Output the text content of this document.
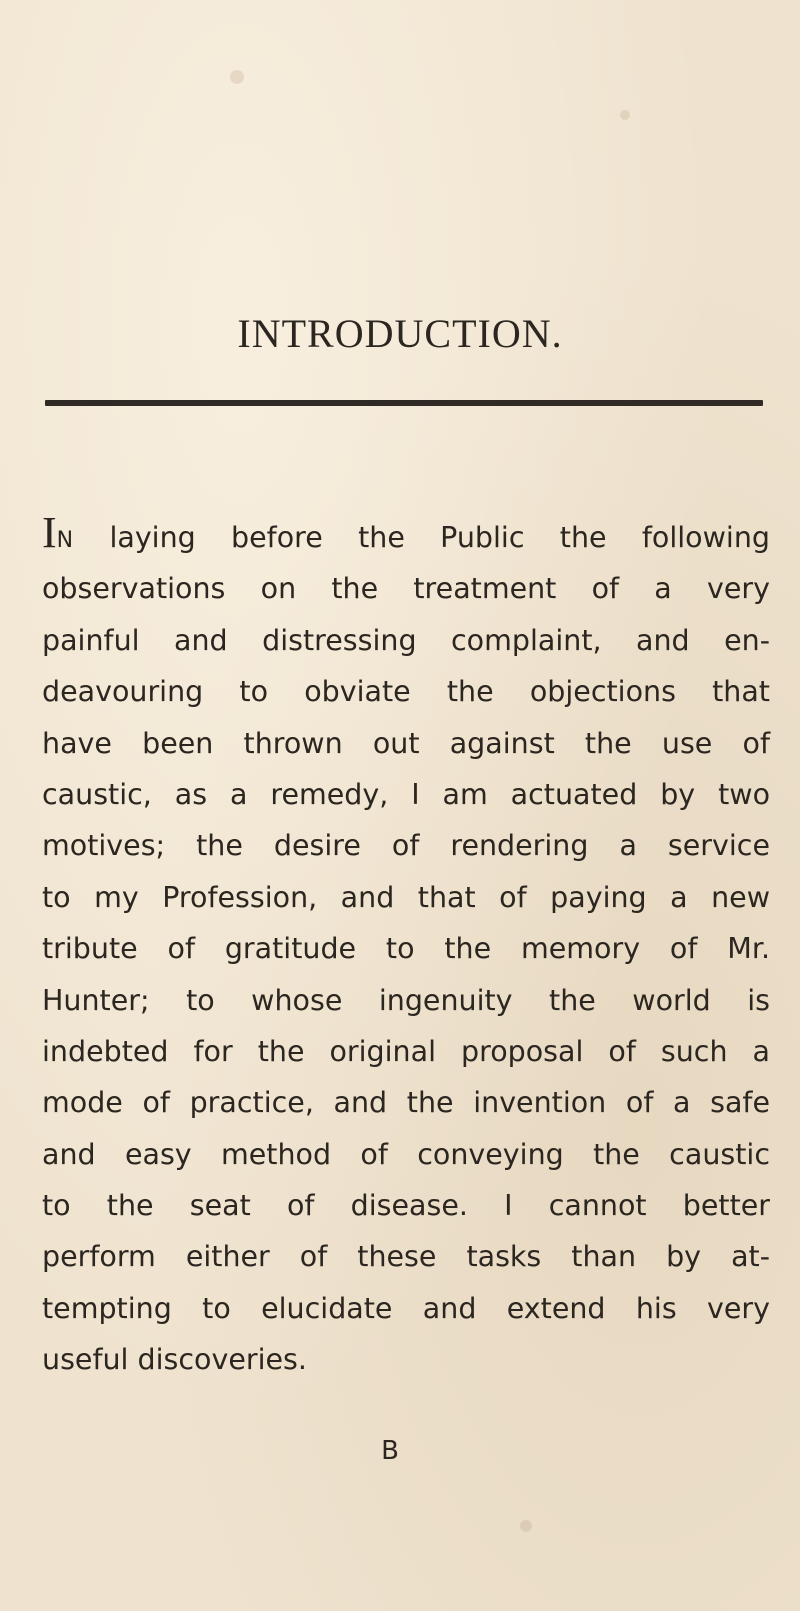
INTRODUCTION.
IN laying before the Public the following
observations on the treatment of a very
painful and distressing complaint, and en-
deavouring to obviate the objections that
have been thrown out against the use of
caustic, as a remedy, I am actuated by two
motives; the desire of rendering a service
to my Profession, and that of paying a new
tribute of gratitude to the memory of Mr.
Hunter; to whose ingenuity the world is
indebted for the original proposal of such a
mode of practice, and the invention of a safe
and easy method of conveying the caustic
to the seat of disease. I cannot better
perform either of these tasks than by at-
tempting to elucidate and extend his very
useful discoveries.
B
